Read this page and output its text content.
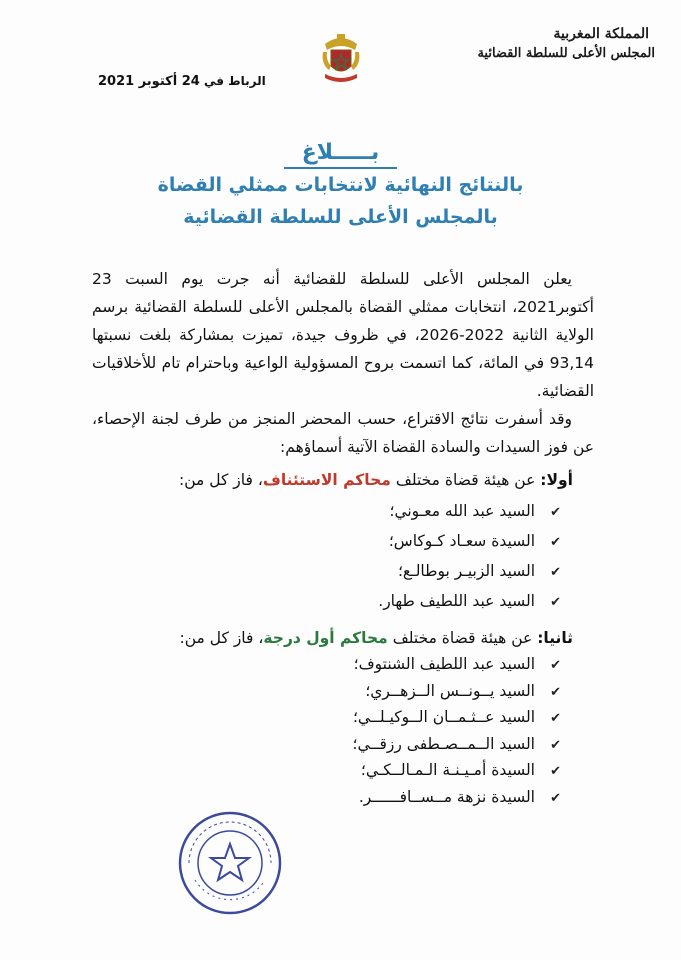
المملكة المغربية
المجلس الأعلى للسلطة القضائية
الرباط في 24 أكتوبر 2021
بـــــلاغ
بالنتائج النهائية لانتخابات ممثلي القضاة
بالمجلس الأعلى للسلطة القضائية

يعلن المجلس الأعلى للسلطة للقضائية أنه جرت يوم السبت 23 أكتوبر2021، انتخابات ممثلي القضاة بالمجلس الأعلى للسلطة القضائية برسم الولاية الثانية 2022-2026، في ظروف جيدة، تميزت بمشاركة بلغت نسبتها 93,14 في المائة، كما اتسمت بروح المسؤولية الواعية وباحترام تام للأخلاقيات القضائية.

وقد أسفرت نتائج الاقتراع، حسب المحضر المنجز من طرف لجنة الإحصاء، عن فوز السيدات والسادة القضاة الآتية أسماؤهم:

أولا: عن هيئة قضاة مختلف محاكم الاستئناف، فاز كل من:
✔السيد عبد الله معـوني؛
✔السيدة سعـاد كـوكاس؛
✔السيد الزبيـر بوطالـع؛
✔السيد عبد اللطيف طهار.
ثانيا: عن هيئة قضاة مختلف محاكم أول درجة، فاز كل من:
✔السيد عبد اللطيف الشنتوف؛
✔السيد يــونــس الــزهــري؛
✔السيد عــثـمــان الــوكيـلــي؛
✔السيد الــمــصـطفى رزقــي؛
✔السيدة أمـيـنـة الـمـالــكـي؛
✔السيدة نزهة مــســافــــــر.
